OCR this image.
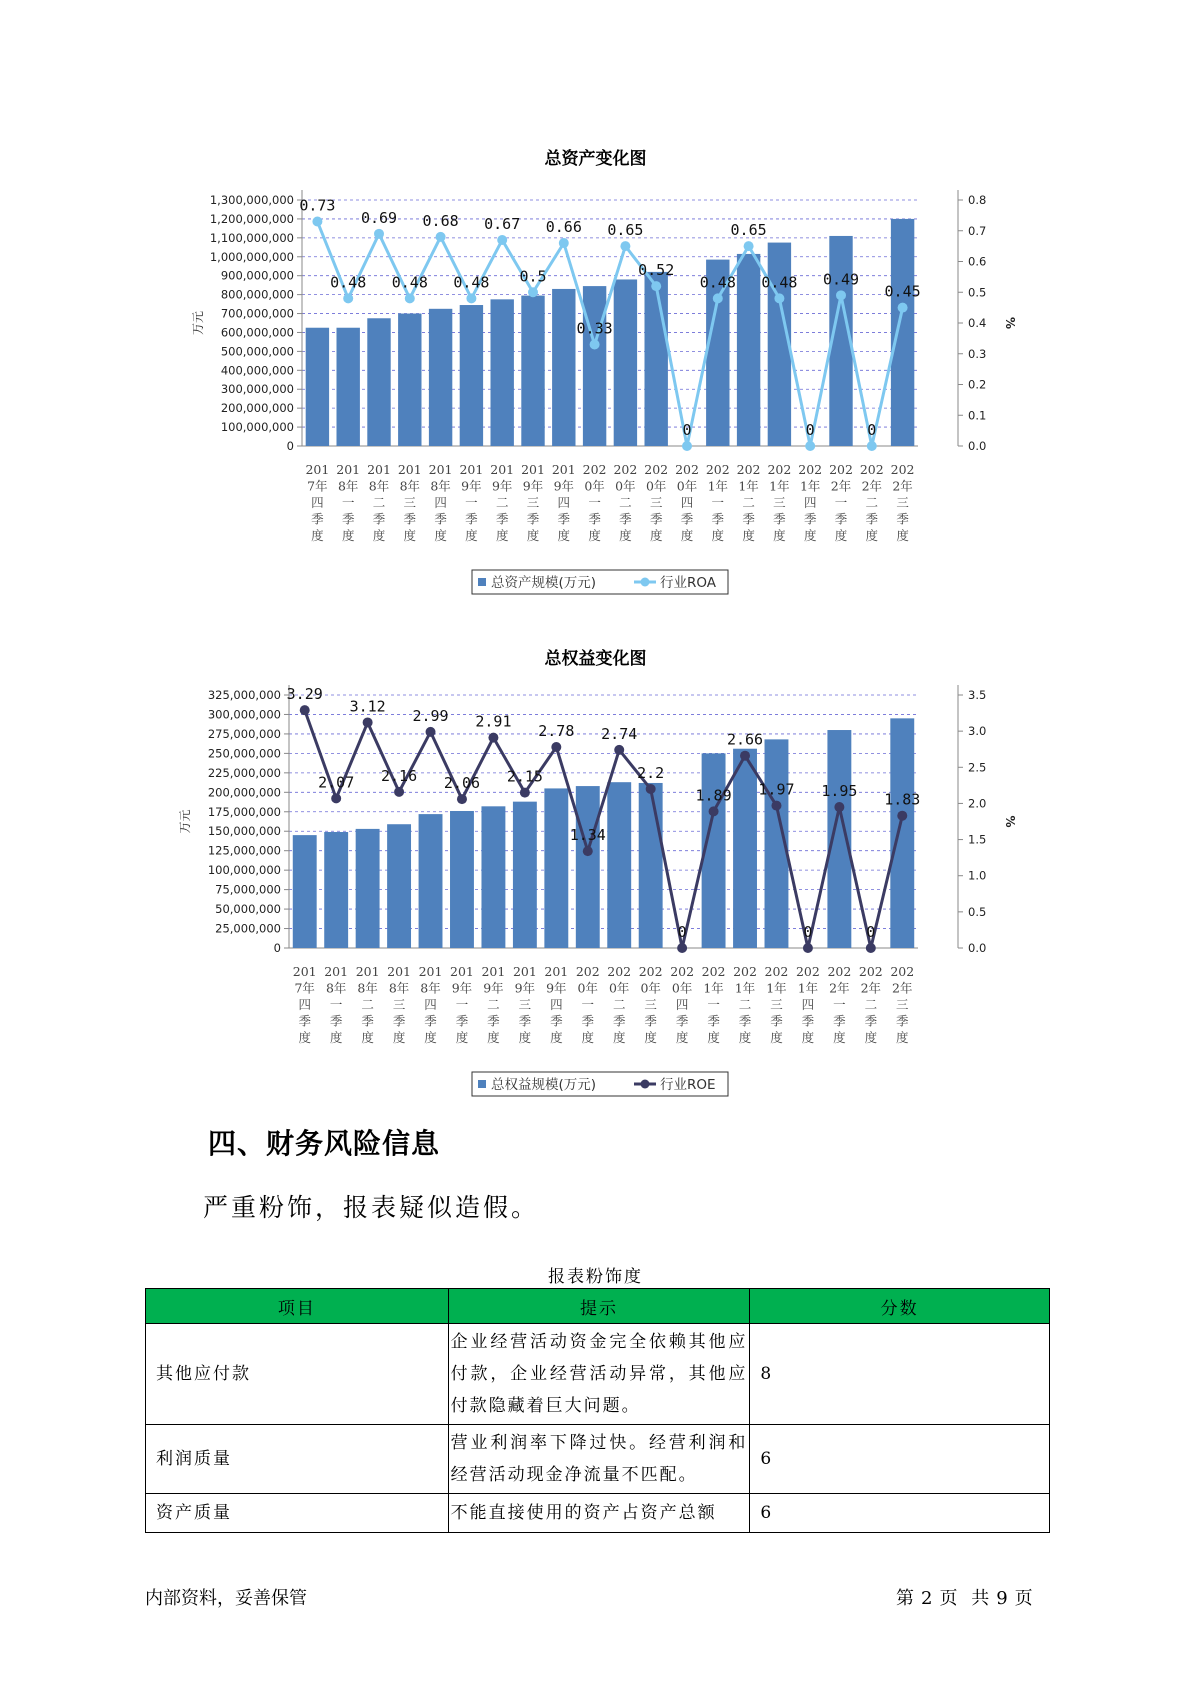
总资产变化图
0
100,000,000
200,000,000
300,000,000
400,000,000
500,000,000
600,000,000
700,000,000
800,000,000
900,000,000
1,000,000,000
1,100,000,000
1,200,000,000
1,300,000,000
0.0
0.1
0.2
0.3
0.4
0.5
0.6
0.7
0.8
万元	%
201
7年
四
季
度
201
8年
一
季
度
201
8年
二
季
度
201
8年
三
季
度
201
8年
四
季
度
201
9年
一
季
度
201
9年
二
季
度
201
9年
三
季
度
201
9年
四
季
度
202
0年
一
季
度
202
0年
二
季
度
202
0年
三
季
度
202
0年
四
季
度
202
1年
一
季
度
202
1年
二
季
度
202
1年
三
季
度
202
1年
四
季
度
202
2年
一
季
度
202
2年
二
季
度
202
2年
三
季
度
0.73
0.48
0.69
0.48
0.68
0.48
0.67
0.5
0.66
0.33
0.65
0.52
0
0.48
0.65
0.48
0
0.49
0
0.45
总资产规模(万元)	行业ROA
总权益变化图
0
25,000,000
50,000,000
75,000,000
100,000,000
125,000,000
150,000,000
175,000,000
200,000,000
225,000,000
250,000,000
275,000,000
300,000,000
325,000,000
0.0
0.5
1.0
1.5
2.0
2.5
3.0
3.5
万元	%
201
7年
四
季
度
201
8年
一
季
度
201
8年
二
季
度
201
8年
三
季
度
201
8年
四
季
度
201
9年
一
季
度
201
9年
二
季
度
201
9年
三
季
度
201
9年
四
季
度
202
0年
一
季
度
202
0年
二
季
度
202
0年
三
季
度
202
0年
四
季
度
202
1年
一
季
度
202
1年
二
季
度
202
1年
三
季
度
202
1年
四
季
度
202
2年
一
季
度
202
2年
二
季
度
202
2年
三
季
度
3.29
2.07
3.12
2.16
2.99
2.06
2.91
2.15
2.78
1.34
2.74
2.2
0
1.89
2.66
1.97
0
1.95
0
1.83
总权益规模(万元)	行业ROE
四、财务风险信息
严重粉饰，报表疑似造假。
报表粉饰度
项目	提示	分数
其他应付款	企业经营活动资金完全依赖其他应付款，企业经营活动异常，其他应付款隐藏着巨大问题。	8
利润质量	营业利润率下降过快。经营利润和经营活动现金净流量不匹配。	6
资产质量	不能直接使用的资产占资产总额	6
内部资料，妥善保管	第 2 页 共 9 页
